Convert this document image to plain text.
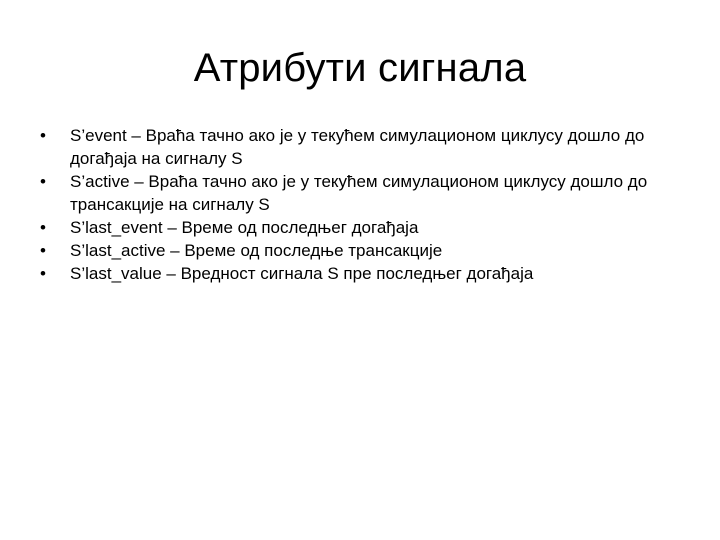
Атрибути сигнала
•	S’event – Враћа тачно ако је у текућем симулационом циклусу дошло до догађаја на сигналу S
•	S’active – Враћа тачно ако је у текућем симулационом циклусу дошло до трансакције на сигналу S
•	S’last_event – Време од последњег догађаја
•	S’last_active – Време од последње трансакције
•	S’last_value – Вредност сигнала S пре последњег догађаја
